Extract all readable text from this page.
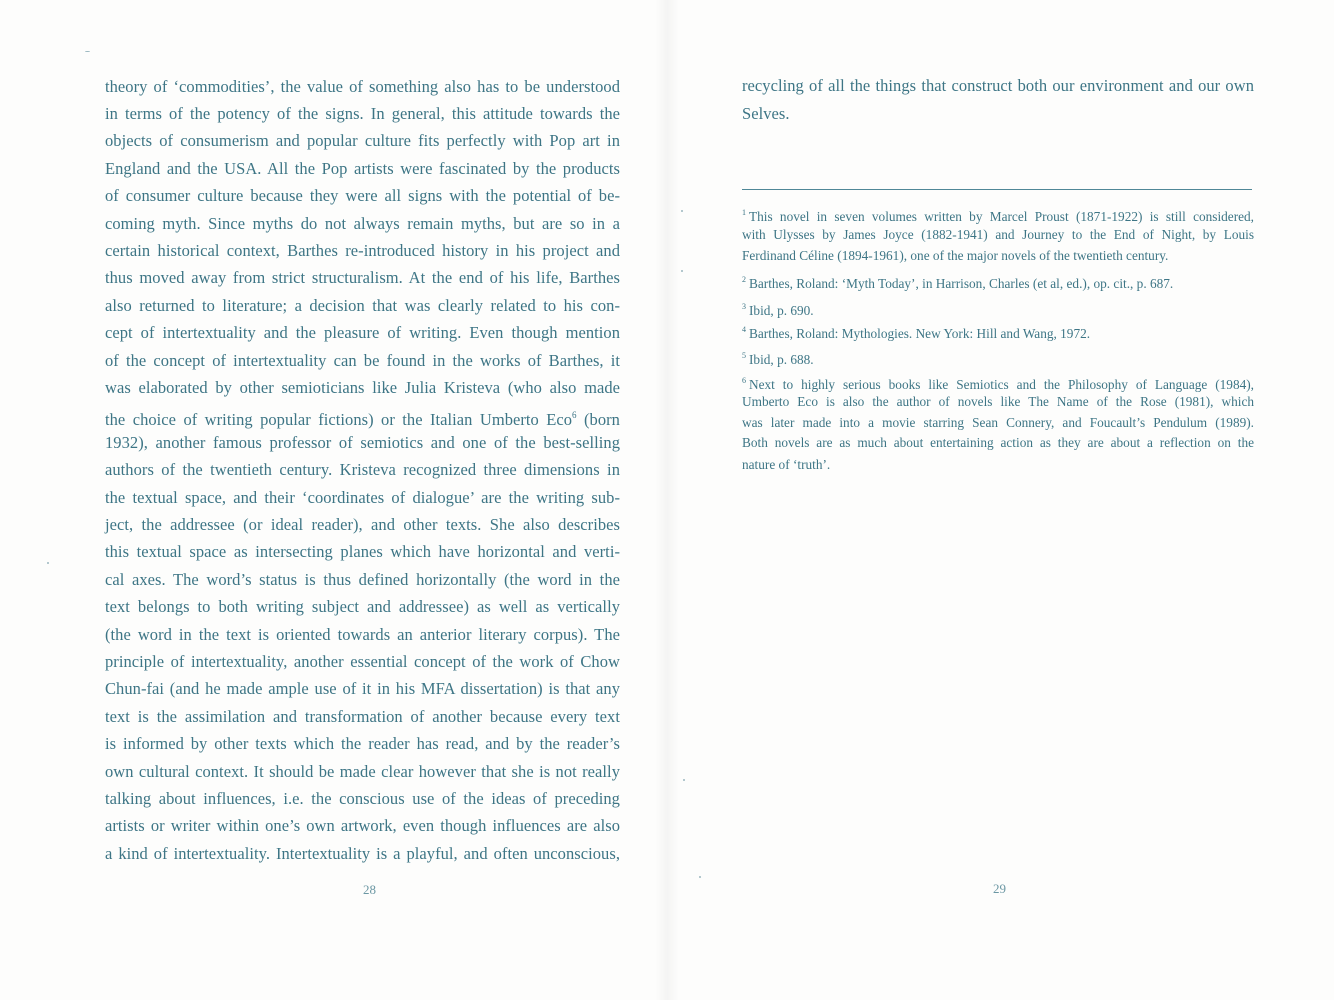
theory of ‘commodities’, the value of something also has to be understood
in terms of the potency of the signs. In general, this attitude towards the
objects of consumerism and popular culture fits perfectly with Pop art in
England and the USA. All the Pop artists were fascinated by the products
of consumer culture because they were all signs with the potential of be-
coming myth. Since myths do not always remain myths, but are so in a
certain historical context, Barthes re-introduced history in his project and
thus moved away from strict structuralism. At the end of his life, Barthes
also returned to literature; a decision that was clearly related to his con-
cept of intertextuality and the pleasure of writing. Even though mention
of the concept of intertextuality can be found in the works of Barthes, it
was elaborated by other semioticians like Julia Kristeva (who also made
the choice of writing popular fictions) or the Italian Umberto Eco$^6$ (born
1932), another famous professor of semiotics and one of the best-selling
authors of the twentieth century. Kristeva recognized three dimensions in
the textual space, and their ‘coordinates of dialogue’ are the writing sub-
ject, the addressee (or ideal reader), and other texts. She also describes
this textual space as intersecting planes which have horizontal and verti-
cal axes. The word’s status is thus defined horizontally (the word in the
text belongs to both writing subject and addressee) as well as vertically
(the word in the text is oriented towards an anterior literary corpus). The
principle of intertextuality, another essential concept of the work of Chow
Chun-fai (and he made ample use of it in his MFA dissertation) is that any
text is the assimilation and transformation of another because every text
is informed by other texts which the reader has read, and by the reader’s
own cultural context. It should be made clear however that she is not really
talking about influences, i.e. the conscious use of the ideas of preceding
artists or writer within one’s own artwork, even though influences are also
a kind of intertextuality. Intertextuality is a playful, and often unconscious,
28
recycling of all the things that construct both our environment and our own
Selves.
$^1$ This novel in seven volumes written by Marcel Proust (1871-1922) is still considered,
with Ulysses by James Joyce (1882-1941) and Journey to the End of Night, by Louis
Ferdinand Céline (1894-1961), one of the major novels of the twentieth century.
$^2$ Barthes, Roland: ‘Myth Today’, in Harrison, Charles (et al, ed.), op. cit., p. 687.
$^3$ Ibid, p. 690.
$^4$ Barthes, Roland: Mythologies. New York: Hill and Wang, 1972.
$^5$ Ibid, p. 688.
$^6$ Next to highly serious books like Semiotics and the Philosophy of Language (1984),
Umberto Eco is also the author of novels like The Name of the Rose (1981), which
was later made into a movie starring Sean Connery, and Foucault’s Pendulum (1989).
Both novels are as much about entertaining action as they are about a reflection on the
nature of ‘truth’.
29
